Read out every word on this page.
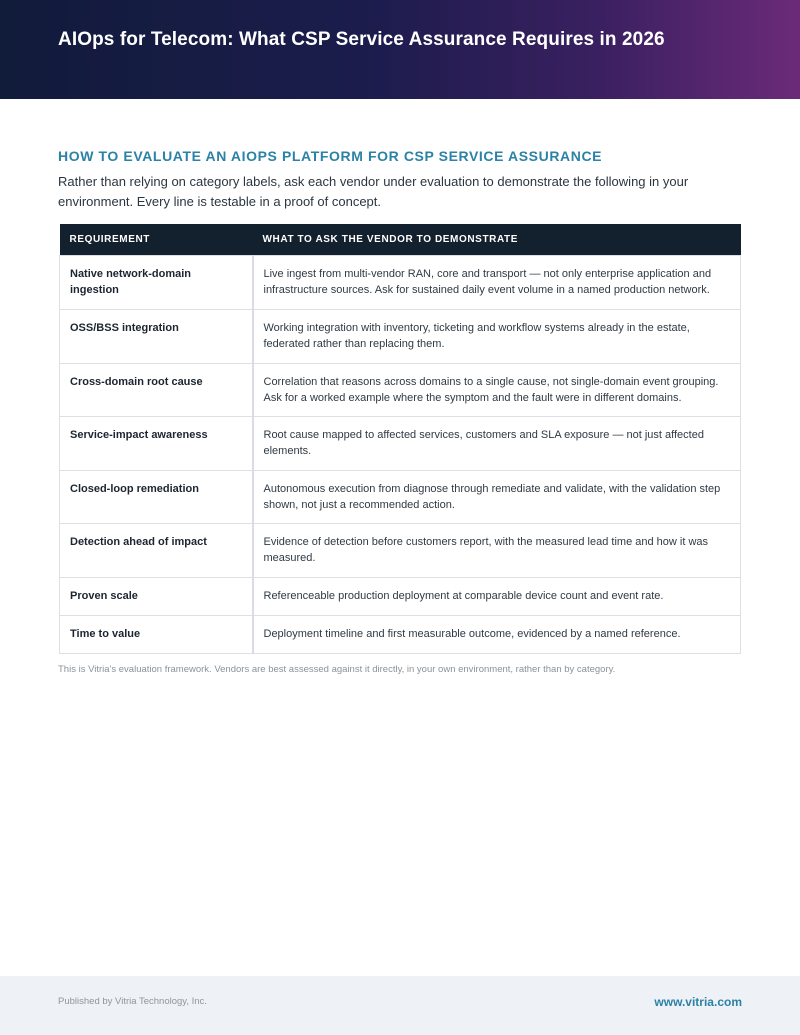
AIOps for Telecom: What CSP Service Assurance Requires in 2026
HOW TO EVALUATE AN AIOPS PLATFORM FOR CSP SERVICE ASSURANCE
Rather than relying on category labels, ask each vendor under evaluation to demonstrate the following in your environment. Every line is testable in a proof of concept.
REQUIREMENT	WHAT TO ASK THE VENDOR TO DEMONSTRATE
Native network-domain ingestion	Live ingest from multi-vendor RAN, core and transport — not only enterprise application and infrastructure sources. Ask for sustained daily event volume in a named production network.
OSS/BSS integration	Working integration with inventory, ticketing and workflow systems already in the estate, federated rather than replacing them.
Cross-domain root cause	Correlation that reasons across domains to a single cause, not single-domain event grouping. Ask for a worked example where the symptom and the fault were in different domains.
Service-impact awareness	Root cause mapped to affected services, customers and SLA exposure — not just affected elements.
Closed-loop remediation	Autonomous execution from diagnose through remediate and validate, with the validation step shown, not just a recommended action.
Detection ahead of impact	Evidence of detection before customers report, with the measured lead time and how it was measured.
Proven scale	Referenceable production deployment at comparable device count and event rate.
Time to value	Deployment timeline and first measurable outcome, evidenced by a named reference.
This is Vitria's evaluation framework. Vendors are best assessed against it directly, in your own environment, rather than by category.
Published by Vitria Technology, Inc.	www.vitria.com
